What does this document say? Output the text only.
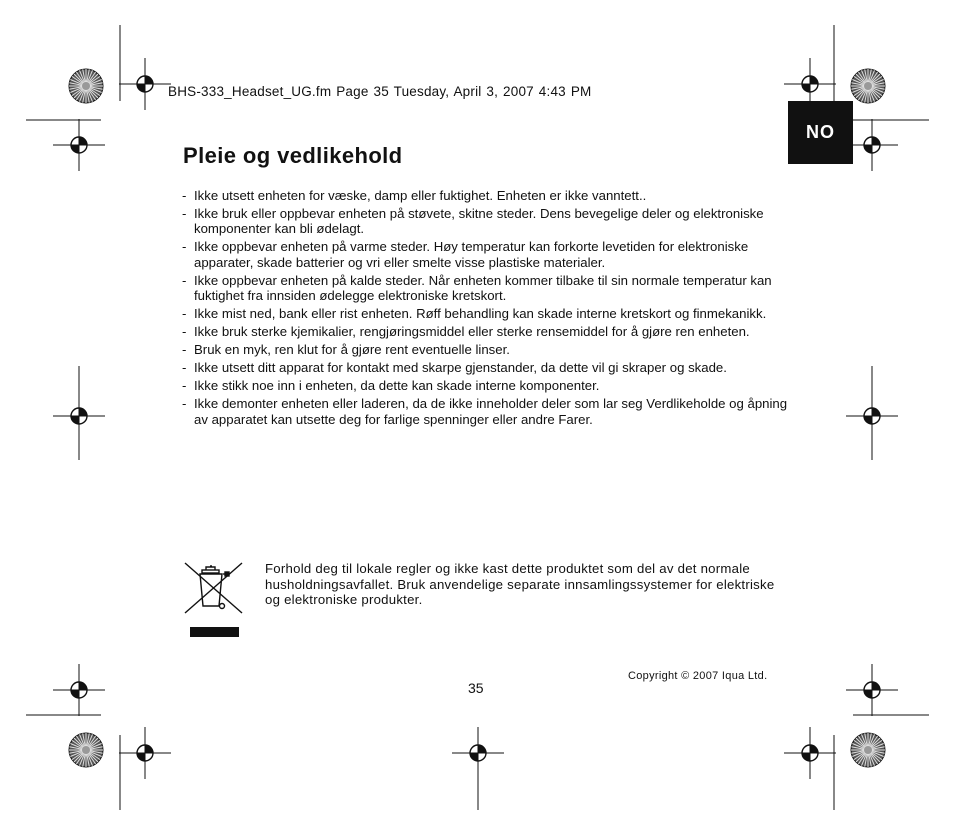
BHS-333_Headset_UG.fm Page 35 Tuesday, April 3, 2007 4:43 PM
NO
Pleie og vedlikehold
- Ikke utsett enheten for væske, damp eller fuktighet. Enheten er ikke vanntett..
- Ikke bruk eller oppbevar enheten på støvete, skitne steder. Dens bevegelige deler og elektroniske komponenter kan bli ødelagt.
- Ikke oppbevar enheten på varme steder. Høy temperatur kan forkorte levetiden for elektroniske apparater, skade batterier og vri eller smelte visse plastiske materialer.
- Ikke oppbevar enheten på kalde steder. Når enheten kommer tilbake til sin normale temperatur kan fuktighet fra innsiden ødelegge elektroniske kretskort.
- Ikke mist ned, bank eller rist enheten. Røff behandling kan skade interne kretskort og finmekanikk.
- Ikke bruk sterke kjemikalier, rengjøringsmiddel eller sterke rensemiddel for å gjøre ren enheten.
- Bruk en myk, ren klut for å gjøre rent eventuelle linser.
- Ikke utsett ditt apparat for kontakt med skarpe gjenstander, da dette vil gi skraper og skade.
- Ikke stikk noe inn i enheten, da dette kan skade interne komponenter.
- Ikke demonter enheten eller laderen, da de ikke inneholder deler som lar seg Verdlikeholde og åpning av apparatet kan utsette deg for farlige spenninger eller andre Farer.
Forhold deg til lokale regler og ikke kast dette produktet som del av det normale husholdningsavfallet. Bruk anvendelige separate innsamlingssystemer for elektriske og elektroniske produkter.
Copyright © 2007 Iqua Ltd.
35
